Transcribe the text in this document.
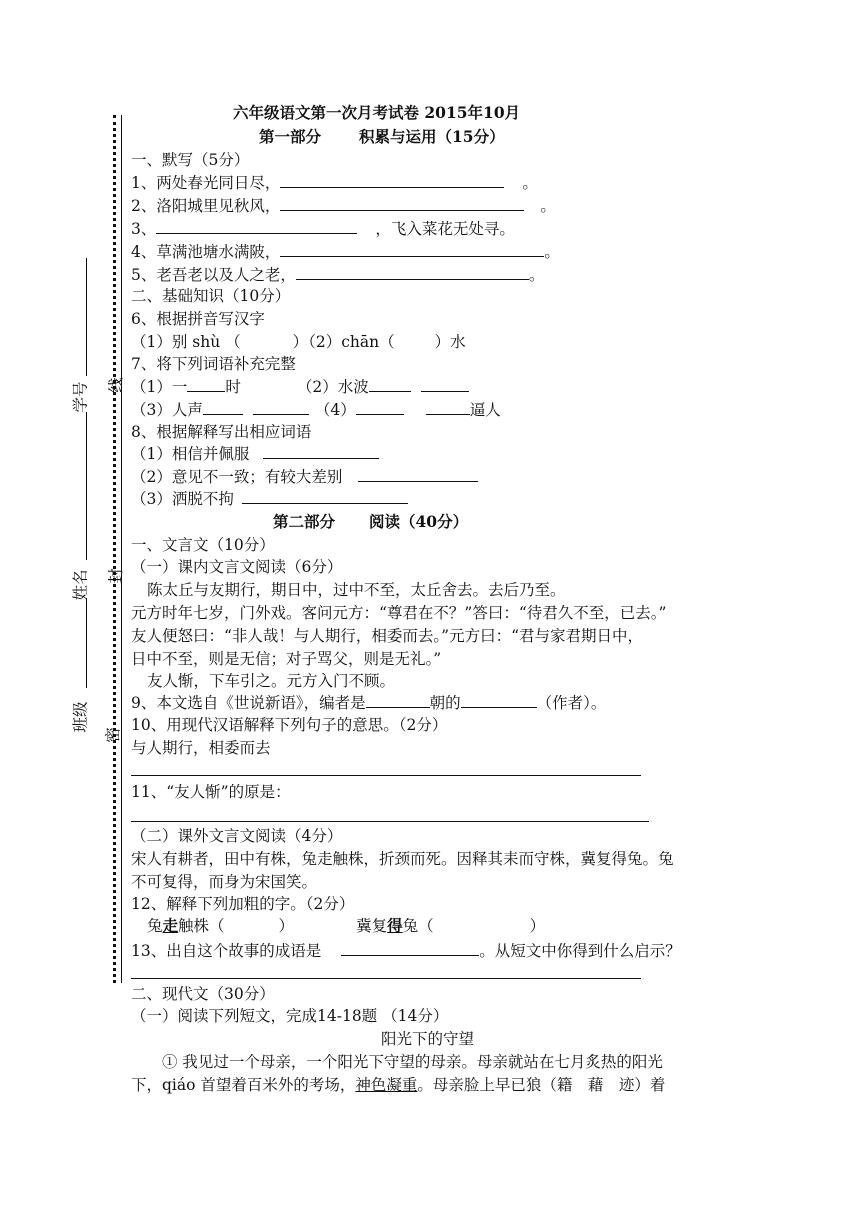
线
封
密
学号
姓名
班级
六年级语文第一次月考试卷 2015年10月
第一部分 积累与运用（15分）
一、默写（5分）
1、两处春光同日尽，	。
2、洛阳城里见秋风，	。
3、	，飞入菜花无处寻。
4、草满池塘水满陂，	。
5、老吾老以及人之老，	。
二、基础知识（10分）
6、根据拼音写汉字
（1）别 shù （	）（2）chān（	）水
7、将下列词语补充完整
（1）一 时	（2）水波
（3）人声	（4）	逼人
8、根据解释写出相应词语
（1）相信并佩服
（2）意见不一致；有较大差别
（3）洒脱不拘
第二部分 阅读（40分）
一、文言文（10分）
（一）课内文言文阅读（6分）
陈太丘与友期行，期日中，过中不至，太丘舍去。去后乃至。
元方时年七岁，门外戏。客问元方：“尊君在不？”答曰：“待君久不至，已去。”
友人便怒曰：“非人哉！与人期行，相委而去。”元方曰：“君与家君期日中，
日中不至，则是无信；对子骂父，则是无礼。”
友人惭，下车引之。元方入门不顾。
9、本文选自《世说新语》，编者是	朝的	（作者）。
10、用现代汉语解释下列句子的意思。（2分）
与人期行，相委而去
11、“友人惭”的原是：
（二）课外文言文阅读（4分）
宋人有耕者，田中有株，兔走触株，折颈而死。因释其耒而守株，冀复得兔。兔
不可复得，而身为宋国笑。
12、解释下列加粗的字。（2分）
兔走触株（	）	冀复得兔（	）
13、出自这个故事的成语是	。从短文中你得到什么启示？
二、现代文（30分）
（一）阅读下列短文，完成14-18题 （14分）
阳光下的守望
① 我见过一个母亲，一个阳光下守望的母亲。母亲就站在七月炙热的阳光
下，qiáo 首望着百米外的考场，神色凝重。母亲脸上早已狼（籍　藉　迹）着
